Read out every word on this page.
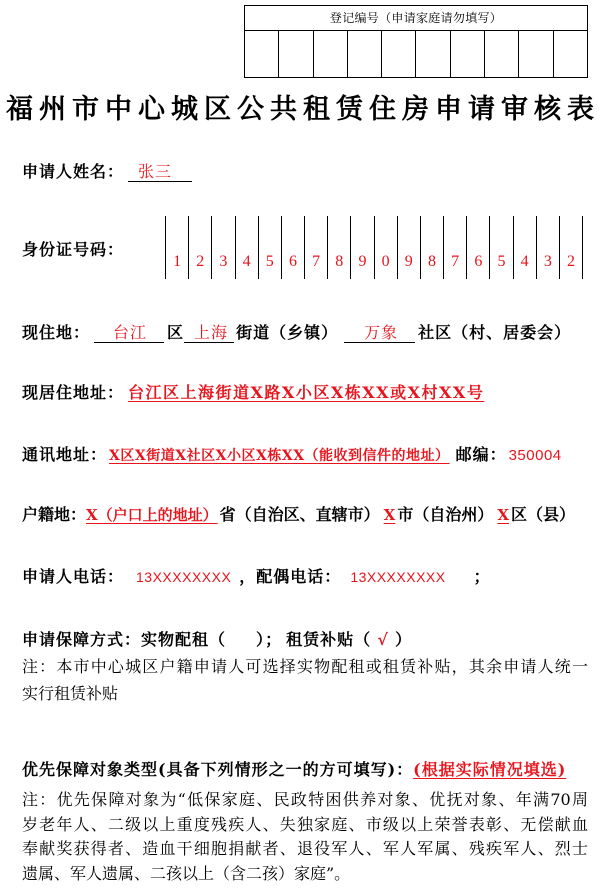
登记编号（申请家庭请勿填写）
福州市中心城区公共租赁住房申请审核表
申请人姓名： 张三
身份证号码：
1 2 3 4 5 6 7 8 9 0 9 8 7 6 5 4 3 2
现住地： 台江 区 上海 街道（乡镇） 万象 社区（村、居委会）
现居住地址： 台江区上海街道X路X小区X栋XX或X村XX号
通讯地址： X区X街道X社区X小区X栋XX（能收到信件的地址） 邮编： 350004
户籍地：X（户口上的地址） 省（自治区、直辖市） X 市（自治州） X 区（县）
申请人电话： 13XXXXXXXX ，配偶电话： 13XXXXXXXX ；
申请保障方式：实物配租（ ）； 租赁补贴（ √ ）
注：本市中心城区户籍申请人可选择实物配租或租赁补贴，其余申请人统一
实行租赁补贴
优先保障对象类型(具备下列情形之一的方可填写)：(根据实际情况填选)
注：优先保障对象为“低保家庭、民政特困供养对象、优抚对象、年满70周
岁老年人、二级以上重度残疾人、失独家庭、市级以上荣誉表彰、无偿献血
奉献奖获得者、造血干细胞捐献者、退役军人、军人军属、残疾军人、烈士
遗属、军人遗属、二孩以上（含二孩）家庭”。
